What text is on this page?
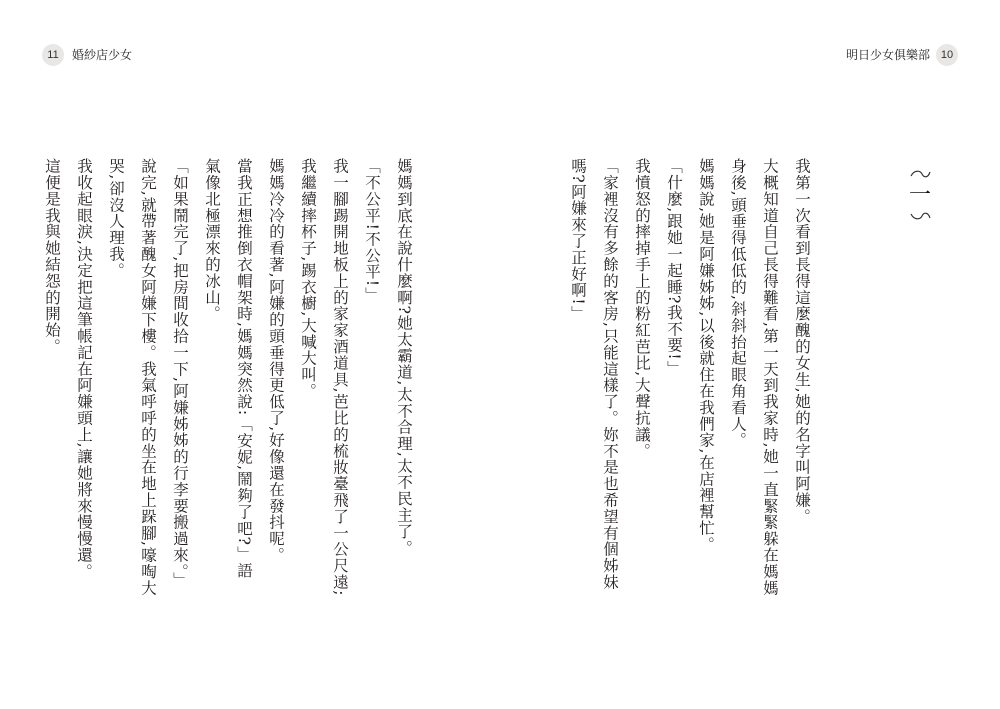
11	婚紗店少女	明日少女俱樂部 10
一
我第一次看到長得這麼醜的女生,她的名字叫阿嫌。
大概知道自己長得難看,第一天到我家時,她一直緊緊躲在媽媽
身後,頭垂得低低的,斜斜抬起眼角看人。
媽媽說,她是阿嫌姊姊,以後就住在我們家,在店裡幫忙。
「什麼,跟她一起睡?我不要!」
我憤怒的摔掉手上的粉紅芭比,大聲抗議。
「家裡沒有多餘的客房,只能這樣了。妳不是也希望有個姊妹
嗎?阿嫌來了正好啊!」
媽媽到底在說什麼啊?她太霸道,太不合理,太不民主了。
「不公平!不公平!」
我一腳踢開地板上的家家酒道具,芭比的梳妝臺飛了一公尺遠;
我繼續摔杯子,踢衣櫥,大喊大叫。
媽媽冷冷的看著,阿嫌的頭垂得更低了,好像還在發抖呢。
當我正想推倒衣帽架時,媽媽突然說:「安妮,鬧夠了吧?」語
氣像北極漂來的冰山。
「如果鬧完了,把房間收拾一下,阿嫌姊姊的行李要搬過來。」
說完,就帶著醜女阿嫌下樓。我氣呼呼的坐在地上跺腳,嚎啕大
哭,卻沒人理我。
我收起眼淚,決定把這筆帳記在阿嫌頭上,讓她將來慢慢還。
這便是我與她結怨的開始。
